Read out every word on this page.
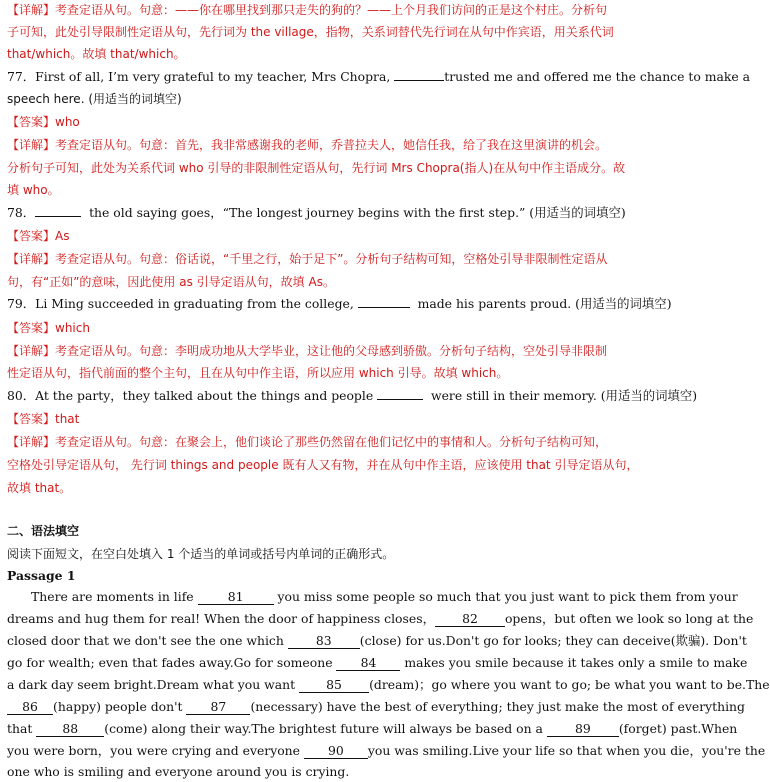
【详解】考查定语从句。句意：——你在哪里找到那只走失的狗的？——上个月我们访问的正是这个村庄。分析句
子可知，此处引导限制性定语从句，先行词为 the village，指物，关系词替代先行词在从句中作宾语，用关系代词
that/which。故填 that/which。
77．First of all, I’m very grateful to my teacher, Mrs Chopra,	trusted me and offered me the chance to make a
speech here. (用适当的词填空)
【答案】who
【详解】考查定语从句。句意：首先，我非常感谢我的老师，乔普拉夫人，她信任我，给了我在这里演讲的机会。
分析句子可知，此处为关系代词 who 引导的非限制性定语从句，先行词 Mrs Chopra(指人)在从句中作主语成分。故
填 who。
78．	the old saying goes，“The longest journey begins with the first step.” (用适当的词填空)
【答案】As
【详解】考查定语从句。句意：俗话说，“千里之行，始于足下”。分析句子结构可知，空格处引导非限制性定语从
句，有“正如”的意味，因此使用 as 引导定语从句，故填 As。
79．Li Ming succeeded in graduating from the college,	made his parents proud. (用适当的词填空)
【答案】which
【详解】考查定语从句。句意：李明成功地从大学毕业，这让他的父母感到骄傲。分析句子结构，空处引导非限制
性定语从句，指代前面的整个主句，且在从句中作主语，所以应用 which 引导。故填 which。
80．At the party，they talked about the things and people	were still in their memory. (用适当的词填空)
【答案】that
【详解】考查定语从句。句意：在聚会上，他们谈论了那些仍然留在他们记忆中的事情和人。分析句子结构可知，
空格处引导定语从句， 先行词 things and people 既有人又有物，并在从句中作主语，应该使用 that 引导定语从句，
故填 that。
二、语法填空
阅读下面短文，在空白处填入 1 个适当的单词或括号内单词的正确形式。
Passage 1
There are moments in life 81 you miss some people so much that you just want to pick them from your
dreams and hug them for real! When the door of happiness closes， 82 opens，but often we look so long at the
closed door that we don't see the one which 83 (close) for us.Don't go for looks; they can deceive(欺骗). Don't
go for wealth; even that fades away.Go for someone 84 makes you smile because it takes only a smile to make
a dark day seem bright.Dream what you want 85 (dream)；go where you want to go; be what you want to be.The
86 (happy) people don't 87 (necessary) have the best of everything; they just make the most of everything
that 88 (come) along their way.The brightest future will always be based on a 89 (forget) past.When
you were born，you were crying and everyone 90 you was smiling.Live your life so that when you die，you're the
one who is smiling and everyone around you is crying.
